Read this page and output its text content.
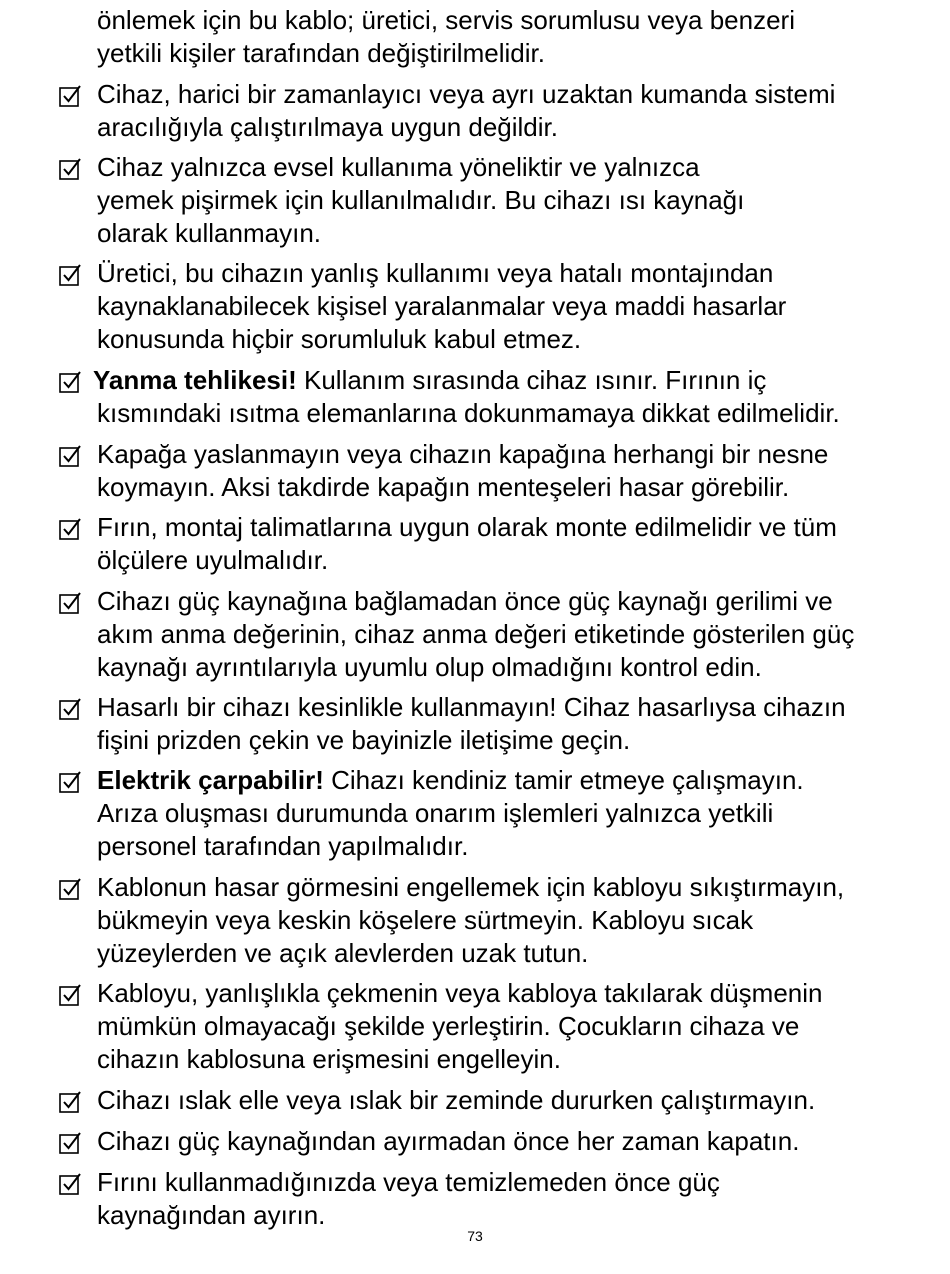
önlemek için bu kablo; üretici, servis sorumlusu veya benzeri
yetkili kişiler tarafından değiştirilmelidir.
Cihaz, harici bir zamanlayıcı veya ayrı uzaktan kumanda sistemi
aracılığıyla çalıştırılmaya uygun değildir.
Cihaz yalnızca evsel kullanıma yöneliktir ve yalnızca
yemek pişirmek için kullanılmalıdır. Bu cihazı ısı kaynağı
olarak kullanmayın.
Üretici, bu cihazın yanlış kullanımı veya hatalı montajından
kaynaklanabilecek kişisel yaralanmalar veya maddi hasarlar
konusunda hiçbir sorumluluk kabul etmez.
Yanma tehlikesi! Kullanım sırasında cihaz ısınır. Fırının iç
kısmındaki ısıtma elemanlarına dokunmamaya dikkat edilmelidir.
Kapağa yaslanmayın veya cihazın kapağına herhangi bir nesne
koymayın. Aksi takdirde kapağın menteşeleri hasar görebilir.
Fırın, montaj talimatlarına uygun olarak monte edilmelidir ve tüm
ölçülere uyulmalıdır.
Cihazı güç kaynağına bağlamadan önce güç kaynağı gerilimi ve
akım anma değerinin, cihaz anma değeri etiketinde gösterilen güç
kaynağı ayrıntılarıyla uyumlu olup olmadığını kontrol edin.
Hasarlı bir cihazı kesinlikle kullanmayın! Cihaz hasarlıysa cihazın
fişini prizden çekin ve bayinizle iletişime geçin.
Elektrik çarpabilir! Cihazı kendiniz tamir etmeye çalışmayın.
Arıza oluşması durumunda onarım işlemleri yalnızca yetkili
personel tarafından yapılmalıdır.
Kablonun hasar görmesini engellemek için kabloyu sıkıştırmayın,
bükmeyin veya keskin köşelere sürtmeyin. Kabloyu sıcak
yüzeylerden ve açık alevlerden uzak tutun.
Kabloyu, yanlışlıkla çekmenin veya kabloya takılarak düşmenin
mümkün olmayacağı şekilde yerleştirin. Çocukların cihaza ve
cihazın kablosuna erişmesini engelleyin.
Cihazı ıslak elle veya ıslak bir zeminde dururken çalıştırmayın.
Cihazı güç kaynağından ayırmadan önce her zaman kapatın.
Fırını kullanmadığınızda veya temizlemeden önce güç
kaynağından ayırın.
73
